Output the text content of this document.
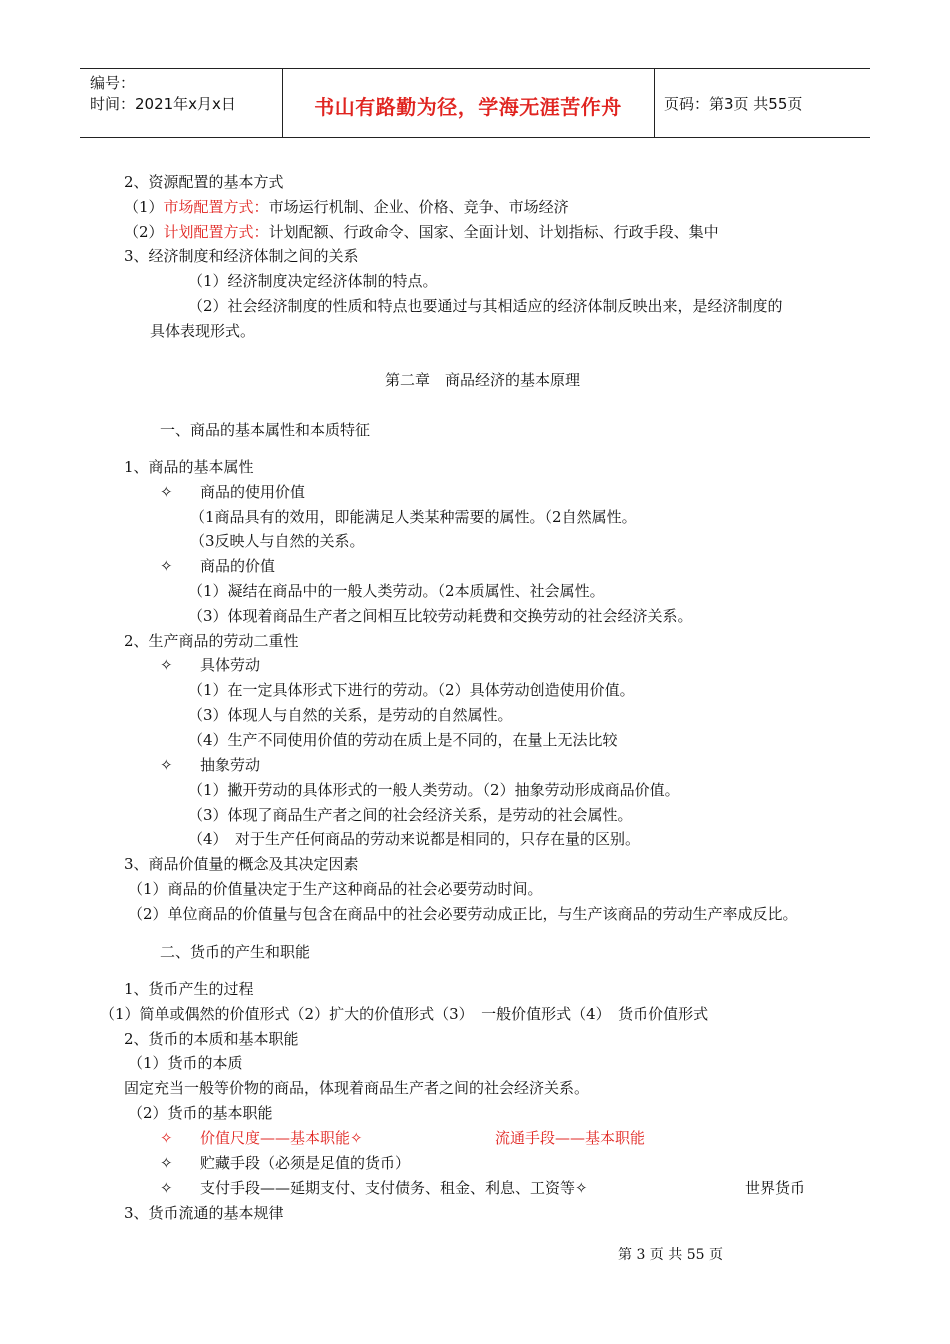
编号：
时间：2021年x月x日	书山有路勤为径，学海无涯苦作舟	页码：第3页 共55页
2、资源配置的基本方式
（1）市场配置方式：市场运行机制、企业、价格、竞争、市场经济
（2）计划配置方式：计划配额、行政命令、国家、全面计划、计划指标、行政手段、集中
3、经济制度和经济体制之间的关系
（1）经济制度决定经济体制的特点。
（2）社会经济制度的性质和特点也要通过与其相适应的经济体制反映出来，是经济制度的
具体表现形式。
第二章　商品经济的基本原理
一、商品的基本属性和本质特征
1、商品的基本属性
✧ 商品的使用价值
（1商品具有的效用，即能满足人类某种需要的属性。（2自然属性。
（3反映人与自然的关系。
✧ 商品的价值
（1）凝结在商品中的一般人类劳动。（2本质属性、社会属性。
（3）体现着商品生产者之间相互比较劳动耗费和交换劳动的社会经济关系。
2、生产商品的劳动二重性
✧ 具体劳动
（1）在一定具体形式下进行的劳动。（2）具体劳动创造使用价值。
（3）体现人与自然的关系，是劳动的自然属性。
（4）生产不同使用价值的劳动在质上是不同的，在量上无法比较
✧ 抽象劳动
（1）撇开劳动的具体形式的一般人类劳动。（2）抽象劳动形成商品价值。
（3）体现了商品生产者之间的社会经济关系，是劳动的社会属性。
（4）　对于生产任何商品的劳动来说都是相同的，只存在量的区别。
3、商品价值量的概念及其决定因素
（1）商品的价值量决定于生产这种商品的社会必要劳动时间。
（2）单位商品的价值量与包含在商品中的社会必要劳动成正比，与生产该商品的劳动生产率成反比。
二、货币的产生和职能
1、货币产生的过程
（1）简单或偶然的价值形式（2）扩大的价值形式（3）　一般价值形式（4）　货币价值形式
2、货币的本质和基本职能
（1）货币的本质
固定充当一般等价物的商品，体现着商品生产者之间的社会经济关系。
（2）货币的基本职能
✧ 价值尺度——基本职能✧	流通手段——基本职能
✧ 贮藏手段（必须是足值的货币）
✧ 支付手段——延期支付、支付债务、租金、利息、工资等✧	世界货币
3、货币流通的基本规律
第 3 页 共 55 页
